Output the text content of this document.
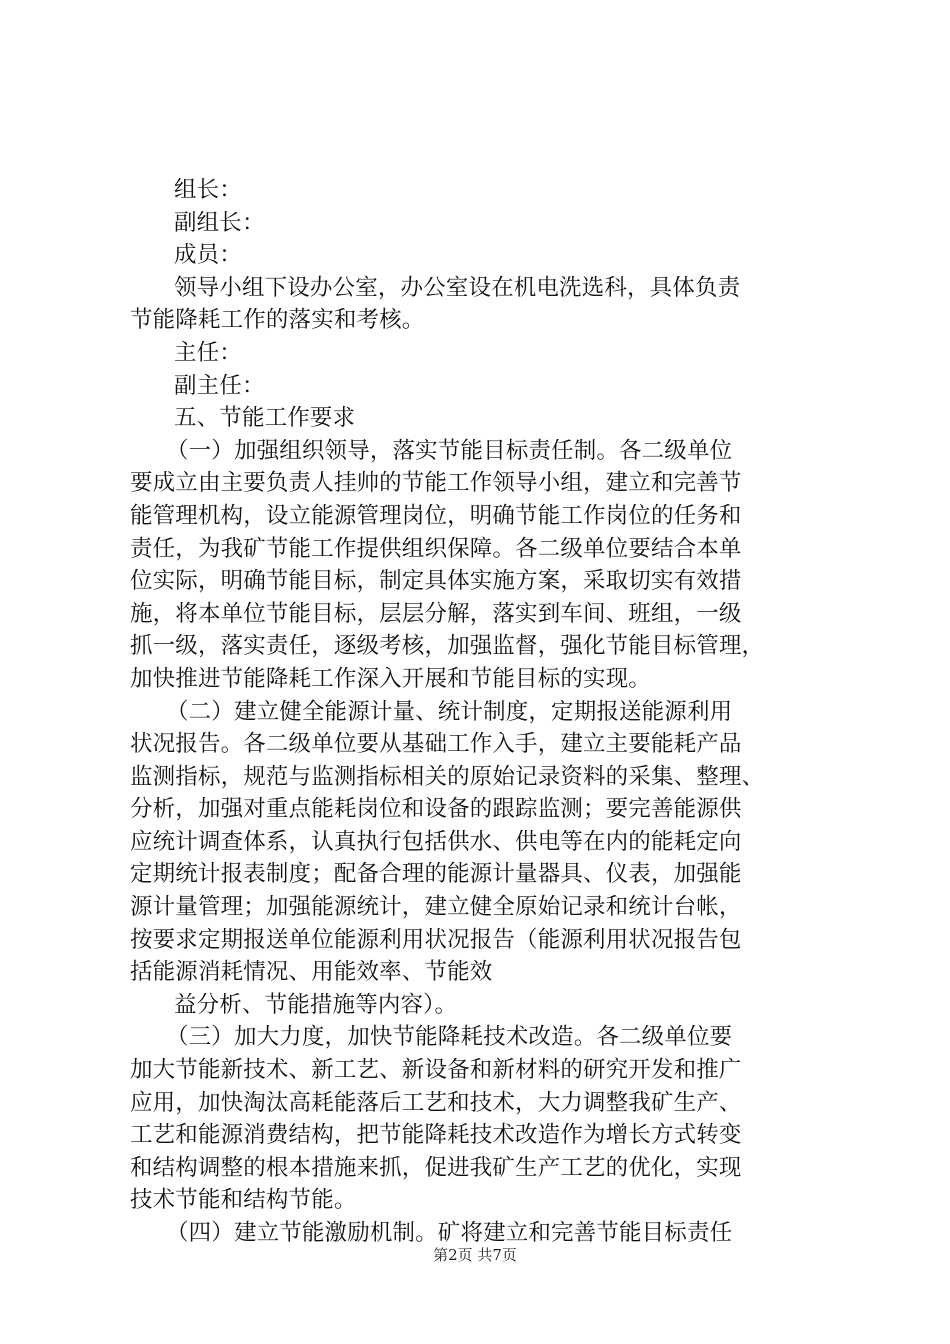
组长：
副组长：
成员：
领导小组下设办公室，办公室设在机电洗选科，具体负责
节能降耗工作的落实和考核。
主任：
副主任：
五、节能工作要求
（一）加强组织领导，落实节能目标责任制。各二级单位
要成立由主要负责人挂帅的节能工作领导小组，建立和完善节
能管理机构，设立能源管理岗位，明确节能工作岗位的任务和
责任，为我矿节能工作提供组织保障。各二级单位要结合本单
位实际，明确节能目标，制定具体实施方案，采取切实有效措
施，将本单位节能目标，层层分解，落实到车间、班组，一级
抓一级，落实责任，逐级考核，加强监督，强化节能目标管理，
加快推进节能降耗工作深入开展和节能目标的实现。
（二）建立健全能源计量、统计制度，定期报送能源利用
状况报告。各二级单位要从基础工作入手，建立主要能耗产品
监测指标，规范与监测指标相关的原始记录资料的采集、整理、
分析，加强对重点能耗岗位和设备的跟踪监测；要完善能源供
应统计调查体系，认真执行包括供水、供电等在内的能耗定向
定期统计报表制度；配备合理的能源计量器具、仪表，加强能
源计量管理；加强能源统计，建立健全原始记录和统计台帐，
按要求定期报送单位能源利用状况报告（能源利用状况报告包
括能源消耗情况、用能效率、节能效
益分析、节能措施等内容）。
（三）加大力度，加快节能降耗技术改造。各二级单位要
加大节能新技术、新工艺、新设备和新材料的研究开发和推广
应用，加快淘汰高耗能落后工艺和技术，大力调整我矿生产、
工艺和能源消费结构，把节能降耗技术改造作为增长方式转变
和结构调整的根本措施来抓，促进我矿生产工艺的优化，实现
技术节能和结构节能。
（四）建立节能激励机制。矿将建立和完善节能目标责任
第2页 共7页
